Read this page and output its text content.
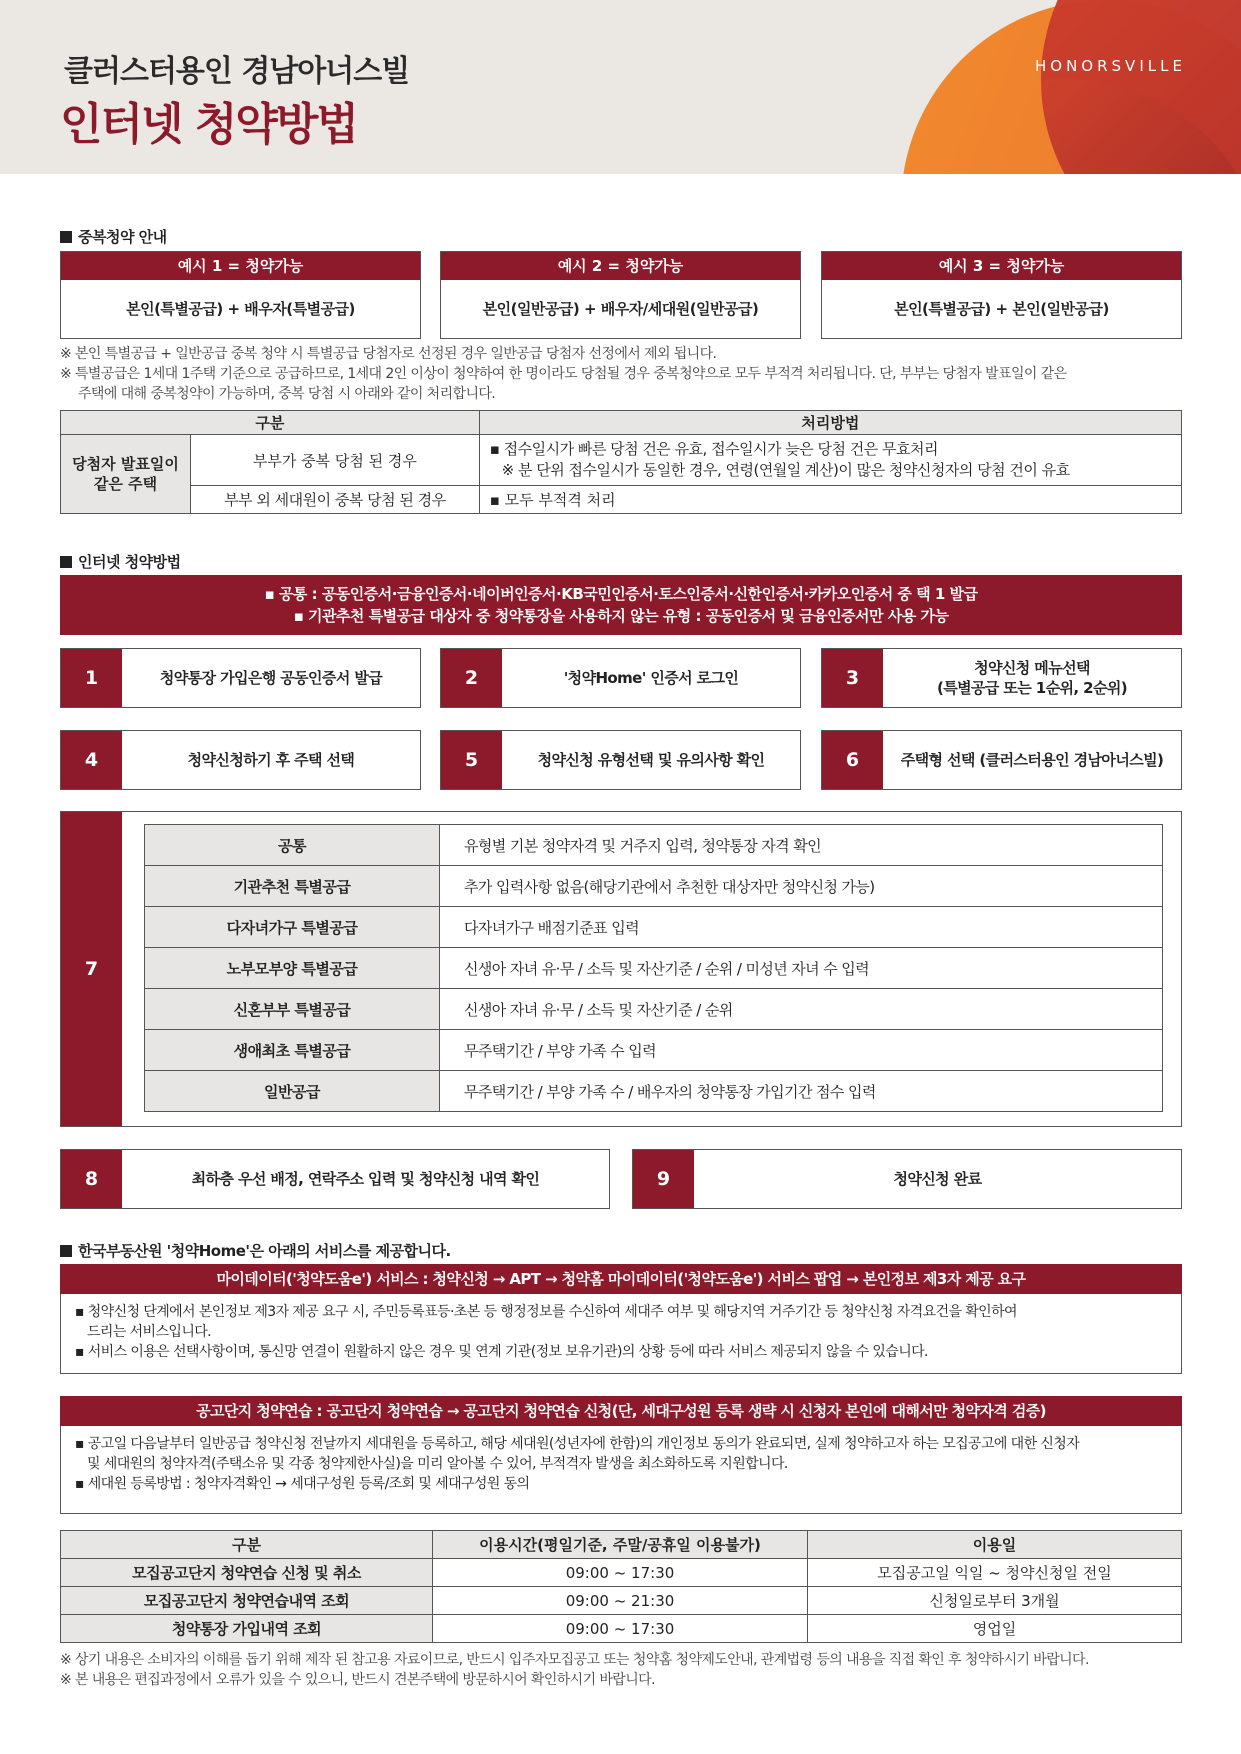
클러스터용인 경남아너스빌
인터넷 청약방법
HONORSVILLE
중복청약 안내
예시 1 = 청약가능
본인(특별공급) + 배우자(특별공급)
예시 2 = 청약가능
본인(일반공급) + 배우자/세대원(일반공급)
예시 3 = 청약가능
본인(특별공급) + 본인(일반공급)
※ 본인 특별공급 + 일반공급 중복 청약 시 특별공급 당첨자로 선정된 경우 일반공급 당첨자 선정에서 제외 됩니다.
※ 특별공급은 1세대 1주택 기준으로 공급하므로, 1세대 2인 이상이 청약하여 한 명이라도 당첨될 경우 중복청약으로 모두 부적격 처리됩니다. 단, 부부는 당첨자 발표일이 같은
주택에 대해 중복청약이 가능하며, 중복 당첨 시 아래와 같이 처리합니다.
구분		처리방법
당첨자 발표일이 같은 주택	부부가 중복 당첨 된 경우	▪ 접수일시가 빠른 당첨 건은 유효, 접수일시가 늦은 당첨 건은 무효처리
※ 분 단위 접수일시가 동일한 경우, 연령(연월일 계산)이 많은 청약신청자의 당첨 건이 유효

	부부 외 세대원이 중복 당첨 된 경우	▪ 모두 부적격 처리
인터넷 청약방법
▪ 공통 : 공동인증서·금융인증서·네이버인증서·KB국민인증서·토스인증서·신한인증서·카카오인증서 중 택 1 발급
▪ 기관추천 특별공급 대상자 중 청약통장을 사용하지 않는 유형 : 공동인증서 및 금융인증서만 사용 가능
1	청약통장 가입은행 공동인증서 발급	2	'청약Home' 인증서 로그인	3	청약신청 메뉴선택
(특별공급 또는 1순위, 2순위)
4	청약신청하기 후 주택 선택	5	청약신청 유형선택 및 유의사항 확인	6	주택형 선택 (클러스터용인 경남아너스빌)
7
공통	유형별 기본 청약자격 및 거주지 입력, 청약통장 자격 확인
기관추천 특별공급	추가 입력사항 없음(해당기관에서 추천한 대상자만 청약신청 가능)
다자녀가구 특별공급	다자녀가구 배점기준표 입력
노부모부양 특별공급	신생아 자녀 유·무 / 소득 및 자산기준 / 순위 / 미성년 자녀 수 입력
신혼부부 특별공급	신생아 자녀 유·무 / 소득 및 자산기준 / 순위
생애최초 특별공급	무주택기간 / 부양 가족 수 입력
일반공급	무주택기간 / 부양 가족 수 / 배우자의 청약통장 가입기간 점수 입력
8	최하층 우선 배정, 연락주소 입력 및 청약신청 내역 확인	9	청약신청 완료
한국부동산원 '청약Home'은 아래의 서비스를 제공합니다.
마이데이터('청약도움e') 서비스 : 청약신청 → APT → 청약홈 마이데이터('청약도움e') 서비스 팝업 → 본인정보 제3자 제공 요구
▪ 청약신청 단계에서 본인정보 제3자 제공 요구 시, 주민등록표등·초본 등 행정정보를 수신하여 세대주 여부 및 해당지역 거주기간 등 청약신청 자격요건을 확인하여
드리는 서비스입니다.
▪ 서비스 이용은 선택사항이며, 통신망 연결이 원활하지 않은 경우 및 연계 기관(정보 보유기관)의 상황 등에 따라 서비스 제공되지 않을 수 있습니다.
공고단지 청약연습 : 공고단지 청약연습 → 공고단지 청약연습 신청(단, 세대구성원 등록 생략 시 신청자 본인에 대해서만 청약자격 검증)
▪ 공고일 다음날부터 일반공급 청약신청 전날까지 세대원을 등록하고, 해당 세대원(성년자에 한함)의 개인정보 동의가 완료되면, 실제 청약하고자 하는 모집공고에 대한 신청자
및 세대원의 청약자격(주택소유 및 각종 청약제한사실)을 미리 알아볼 수 있어, 부적격자 발생을 최소화하도록 지원합니다.
▪ 세대원 등록방법 : 청약자격확인 → 세대구성원 등록/조회 및 세대구성원 동의
구분	이용시간(평일기준, 주말/공휴일 이용불가)	이용일
모집공고단지 청약연습 신청 및 취소	09:00 ~ 17:30	모집공고일 익일 ~ 청약신청일 전일
모집공고단지 청약연습내역 조회	09:00 ~ 21:30	신청일로부터 3개월
청약통장 가입내역 조회	09:00 ~ 17:30	영업일
※ 상기 내용은 소비자의 이해를 돕기 위해 제작 된 참고용 자료이므로, 반드시 입주자모집공고 또는 청약홈 청약제도안내, 관계법령 등의 내용을 직접 확인 후 청약하시기 바랍니다.
※ 본 내용은 편집과정에서 오류가 있을 수 있으니, 반드시 견본주택에 방문하시어 확인하시기 바랍니다.
